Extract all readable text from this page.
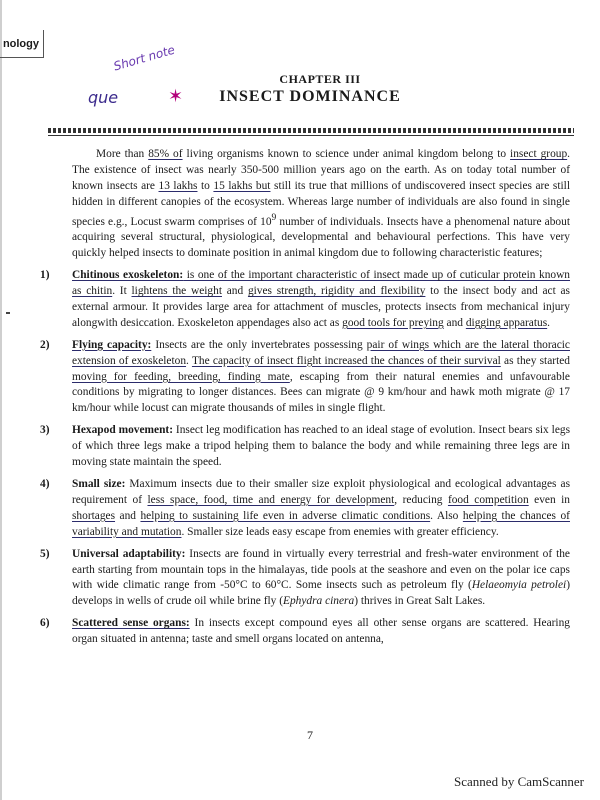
nology	Short note
que	✶
CHAPTER III
INSECT DOMINANCE

More than 85% of living organisms known to science under animal kingdom belong to insect group. The existence of insect was nearly 350-500 million years ago on the earth. As on today total number of known insects are 13 lakhs to 15 lakhs but still its true that millions of undiscovered insect species are still hidden in different canopies of the ecosystem. Whereas large number of individuals are also found in single species e.g., Locust swarm comprises of $10^9$ number of individuals. Insects have a phenomenal nature about acquiring several structural, physiological, developmental and behavioural perfections. This have very quickly helped insects to dominate position in animal kingdom due to following characteristic features;

1) Chitinous exoskeleton: is one of the important characteristic of insect made up of cuticular protein known as chitin. It lightens the weight and gives strength, rigidity and flexibility to the insect body and act as external armour. It provides large area for attachment of muscles, protects insects from mechanical injury alongwith desiccation. Exoskeleton appendages also act as good tools for preying and digging apparatus.

2) Flying capacity: Insects are the only invertebrates possessing pair of wings which are the lateral thoracic extension of exoskeleton. The capacity of insect flight increased the chances of their survival as they started moving for feeding, breeding, finding mate, escaping from their natural enemies and unfavourable conditions by migrating to longer distances. Bees can migrate @ 9 km/hour and hawk moth migrate @ 17 km/hour while locust can migrate thousands of miles in single flight.

3) Hexapod movement: Insect leg modification has reached to an ideal stage of evolution. Insect bears six legs of which three legs make a tripod helping them to balance the body and while remaining three legs are in moving state maintain the speed.

4) Small size: Maximum insects due to their smaller size exploit physiological and ecological advantages as requirement of less space, food, time and energy for development, reducing food competition even in shortages and helping to sustaining life even in adverse climatic conditions. Also helping the chances of variability and mutation. Smaller size leads easy escape from enemies with greater efficiency.

5) Universal adaptability: Insects are found in virtually every terrestrial and fresh-water environment of the earth starting from mountain tops in the himalayas, tide pools at the seashore and even on the polar ice caps with wide climatic range from -50°C to 60°C. Some insects such as petroleum fly (Helaeomyia petrolei) develops in wells of crude oil while brine fly (Ephydra cinera) thrives in Great Salt Lakes.

6) Scattered sense organs: In insects except compound eyes all other sense organs are scattered. Hearing organ situated in antenna; taste and smell organs located on antenna,

7
Scanned by CamScanner
